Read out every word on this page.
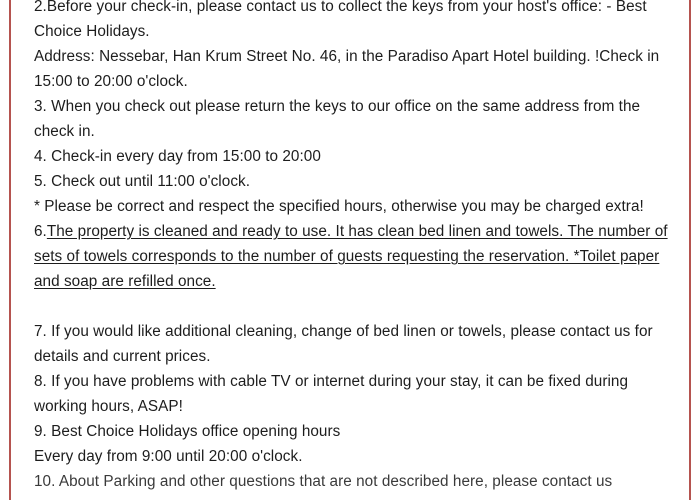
2.Before your check-in, please contact us to collect the keys from your host's office: - Best Choice Holidays.

Address: Nessebar, Han Krum Street No. 46, in the Paradiso Apart Hotel building. !Check in 15:00 to 20:00 o'clock.

3. When you check out please return the keys to our office on the same address from the check in.

4. Check-in every day from 15:00 to 20:00

5. Check out until 11:00 o'clock.

* Please be correct and respect the specified hours, otherwise you may be charged extra!

6.The property is cleaned and ready to use. It has clean bed linen and towels. The number of sets of towels corresponds to the number of guests requesting the reservation. *Toilet paper and soap are refilled once.

7. If you would like additional cleaning, change of bed linen or towels, please contact us for details and current prices.

8. If you have problems with cable TV or internet during your stay, it can be fixed during working hours, ASAP!

9. Best Choice Holidays office opening hours

Every day from 9:00 until 20:00 o'clock.

10. About Parking and other questions that are not described here, please contact us
